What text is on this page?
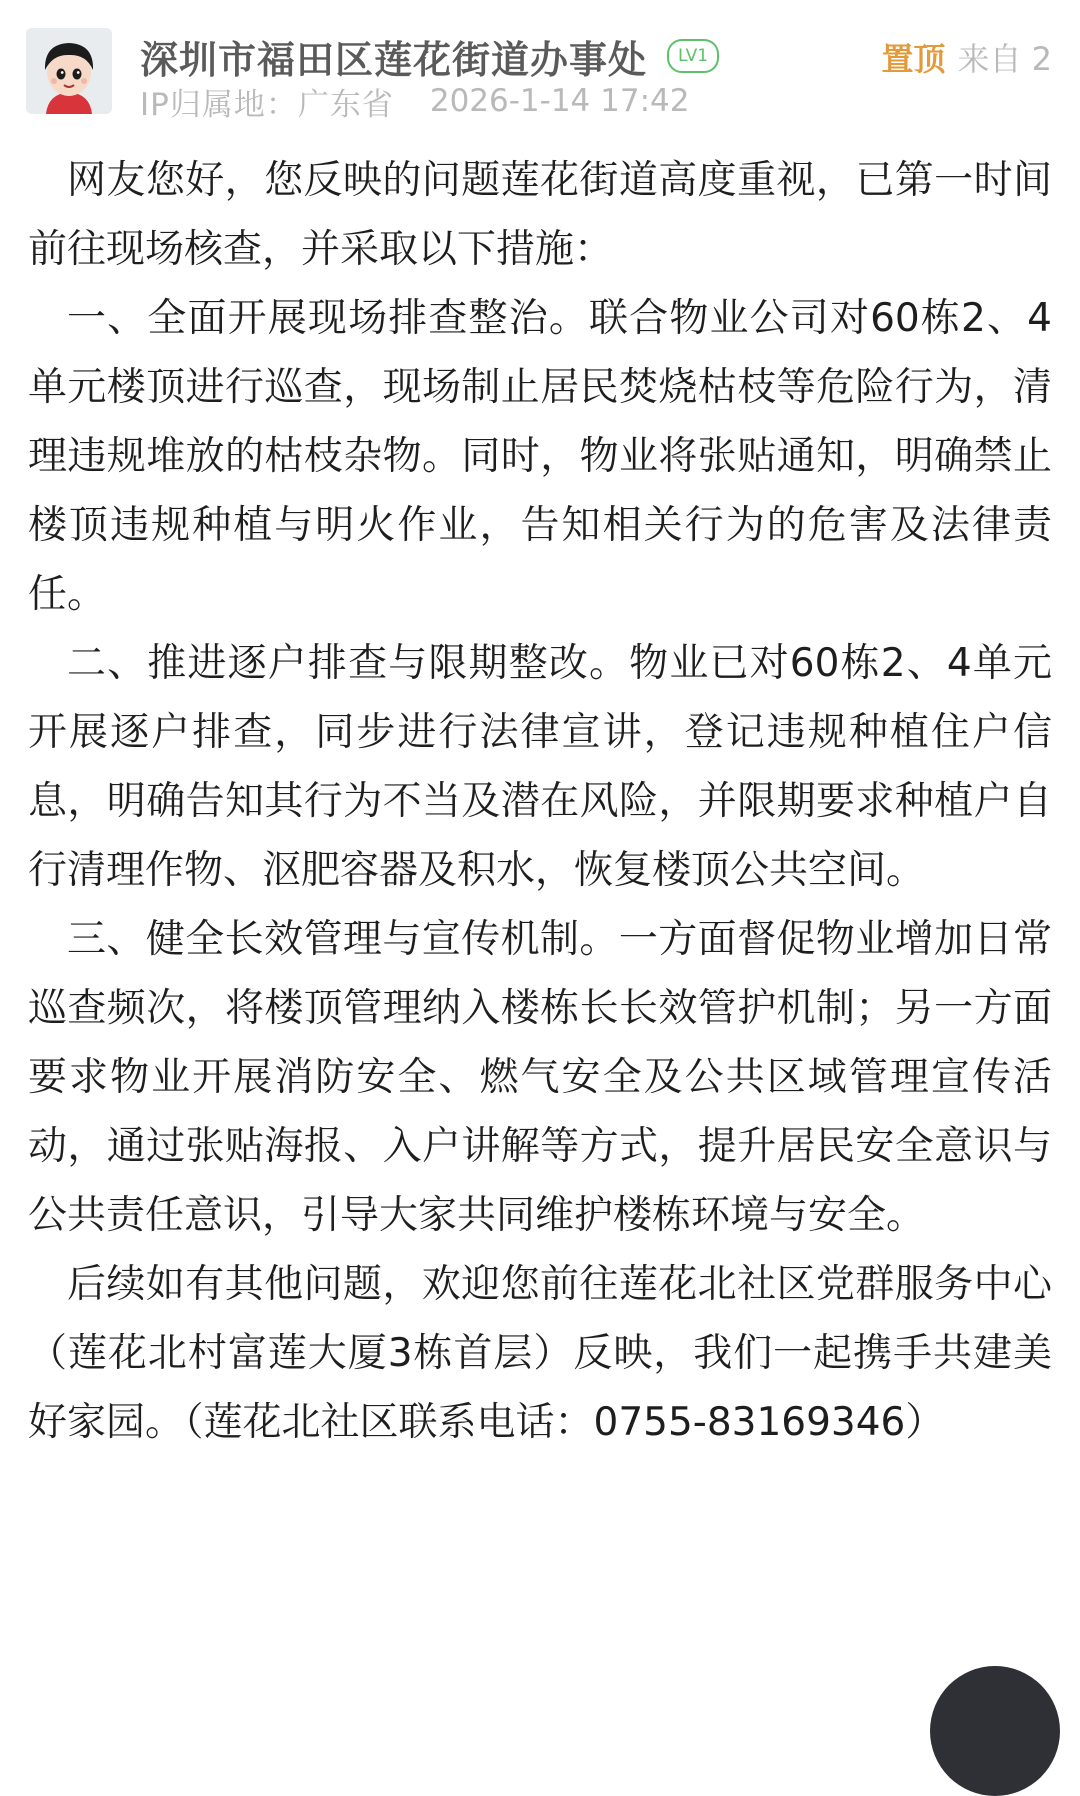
深圳市福田区莲花街道办事处	LV1
IP归属地：广东省 2026-1-14 17:42
置顶 来自 2

网友您好，您反映的问题莲花街道高度重视，已第一时间前往现场核查，并采取以下措施：

一、全面开展现场排查整治。联合物业公司对60栋2、4单元楼顶进行巡查，现场制止居民焚烧枯枝等危险行为，清理违规堆放的枯枝杂物。同时，物业将张贴通知，明确禁止楼顶违规种植与明火作业，告知相关行为的危害及法律责任。

二、推进逐户排查与限期整改。物业已对60栋2、4单元开展逐户排查，同步进行法律宣讲，登记违规种植住户信息，明确告知其行为不当及潜在风险，并限期要求种植户自行清理作物、沤肥容器及积水，恢复楼顶公共空间。

三、健全长效管理与宣传机制。一方面督促物业增加日常巡查频次，将楼顶管理纳入楼栋长长效管护机制；另一方面要求物业开展消防安全、燃气安全及公共区域管理宣传活动，通过张贴海报、入户讲解等方式，提升居民安全意识与公共责任意识，引导大家共同维护楼栋环境与安全。

后续如有其他问题，欢迎您前往莲花北社区党群服务中心（莲花北村富莲大厦3栋首层）反映，我们一起携手共建美好家园。（莲花北社区联系电话：0755-83169346）
